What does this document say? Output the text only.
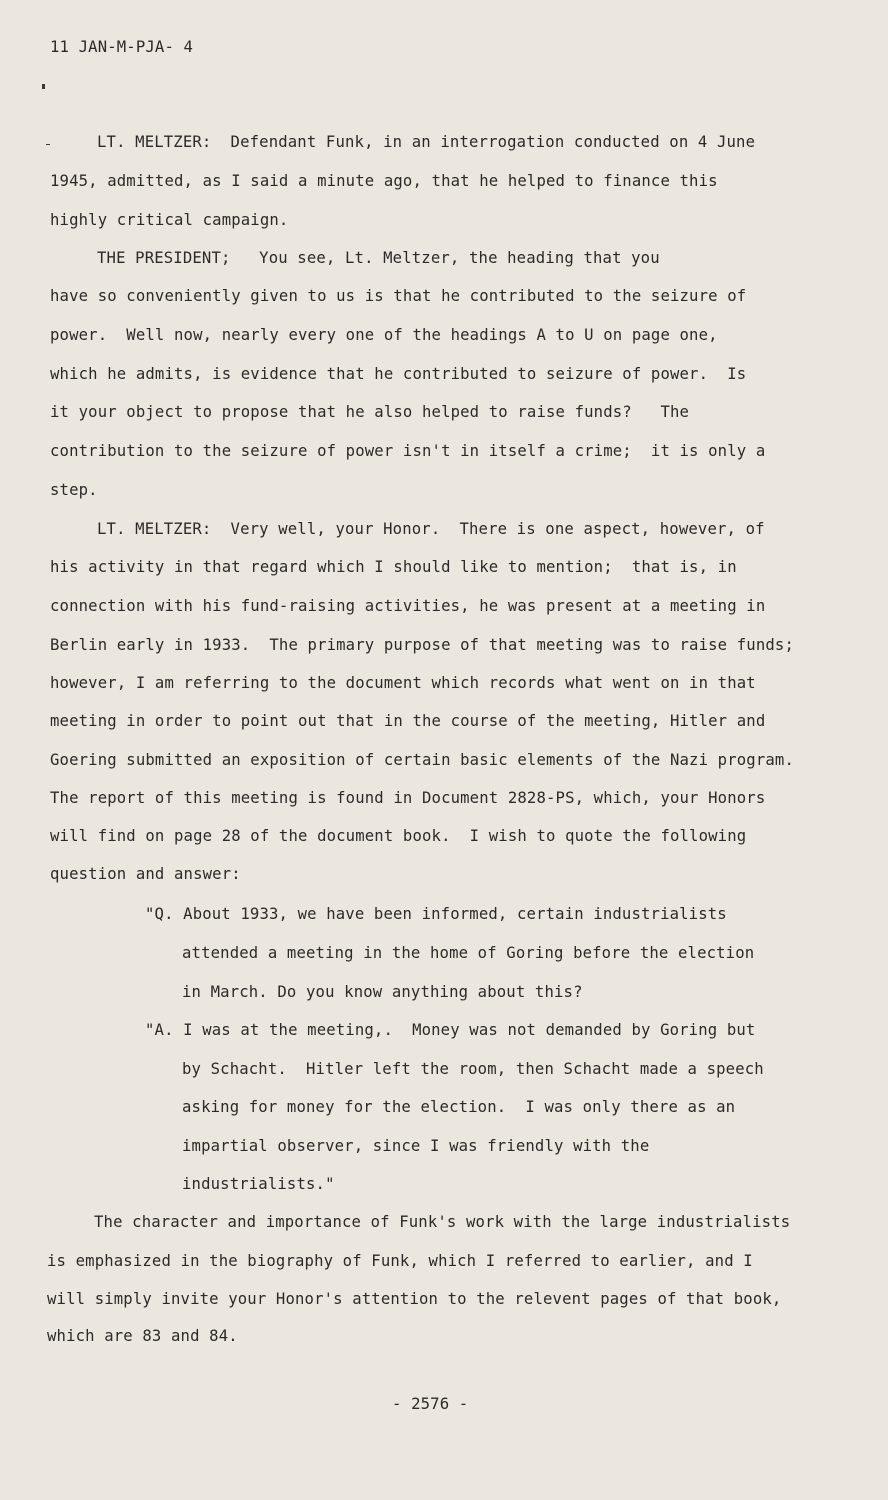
11 JAN-M-PJA- 4
LT. MELTZER:  Defendant Funk, in an interrogation conducted on 4 June
1945, admitted, as I said a minute ago, that he helped to finance this
highly critical campaign.
THE PRESIDENT;   You see, Lt. Meltzer, the heading that you
have so conveniently given to us is that he contributed to the seizure of
power.  Well now, nearly every one of the headings A to U on page one,
which he admits, is evidence that he contributed to seizure of power.  Is
it your object to propose that he also helped to raise funds?   The
contribution to the seizure of power isn't in itself a crime;  it is only a
step.
LT. MELTZER:  Very well, your Honor.  There is one aspect, however, of
his activity in that regard which I should like to mention;  that is, in
connection with his fund-raising activities, he was present at a meeting in
Berlin early in 1933.  The primary purpose of that meeting was to raise funds;
however, I am referring to the document which records what went on in that
meeting in order to point out that in the course of the meeting, Hitler and
Goering submitted an exposition of certain basic elements of the Nazi program.
The report of this meeting is found in Document 2828-PS, which, your Honors
will find on page 28 of the document book.  I wish to quote the following
question and answer:
"Q. About 1933, we have been informed, certain industrialists
attended a meeting in the home of Goring before the election
in March. Do you know anything about this?
"A. I was at the meeting,.  Money was not demanded by Goring but
by Schacht.  Hitler left the room, then Schacht made a speech
asking for money for the election.  I was only there as an
impartial observer, since I was friendly with the
industrialists."
The character and importance of Funk's work with the large industrialists
is emphasized in the biography of Funk, which I referred to earlier, and I
will simply invite your Honor's attention to the relevent pages of that book,
which are 83 and 84.
- 2576 -
